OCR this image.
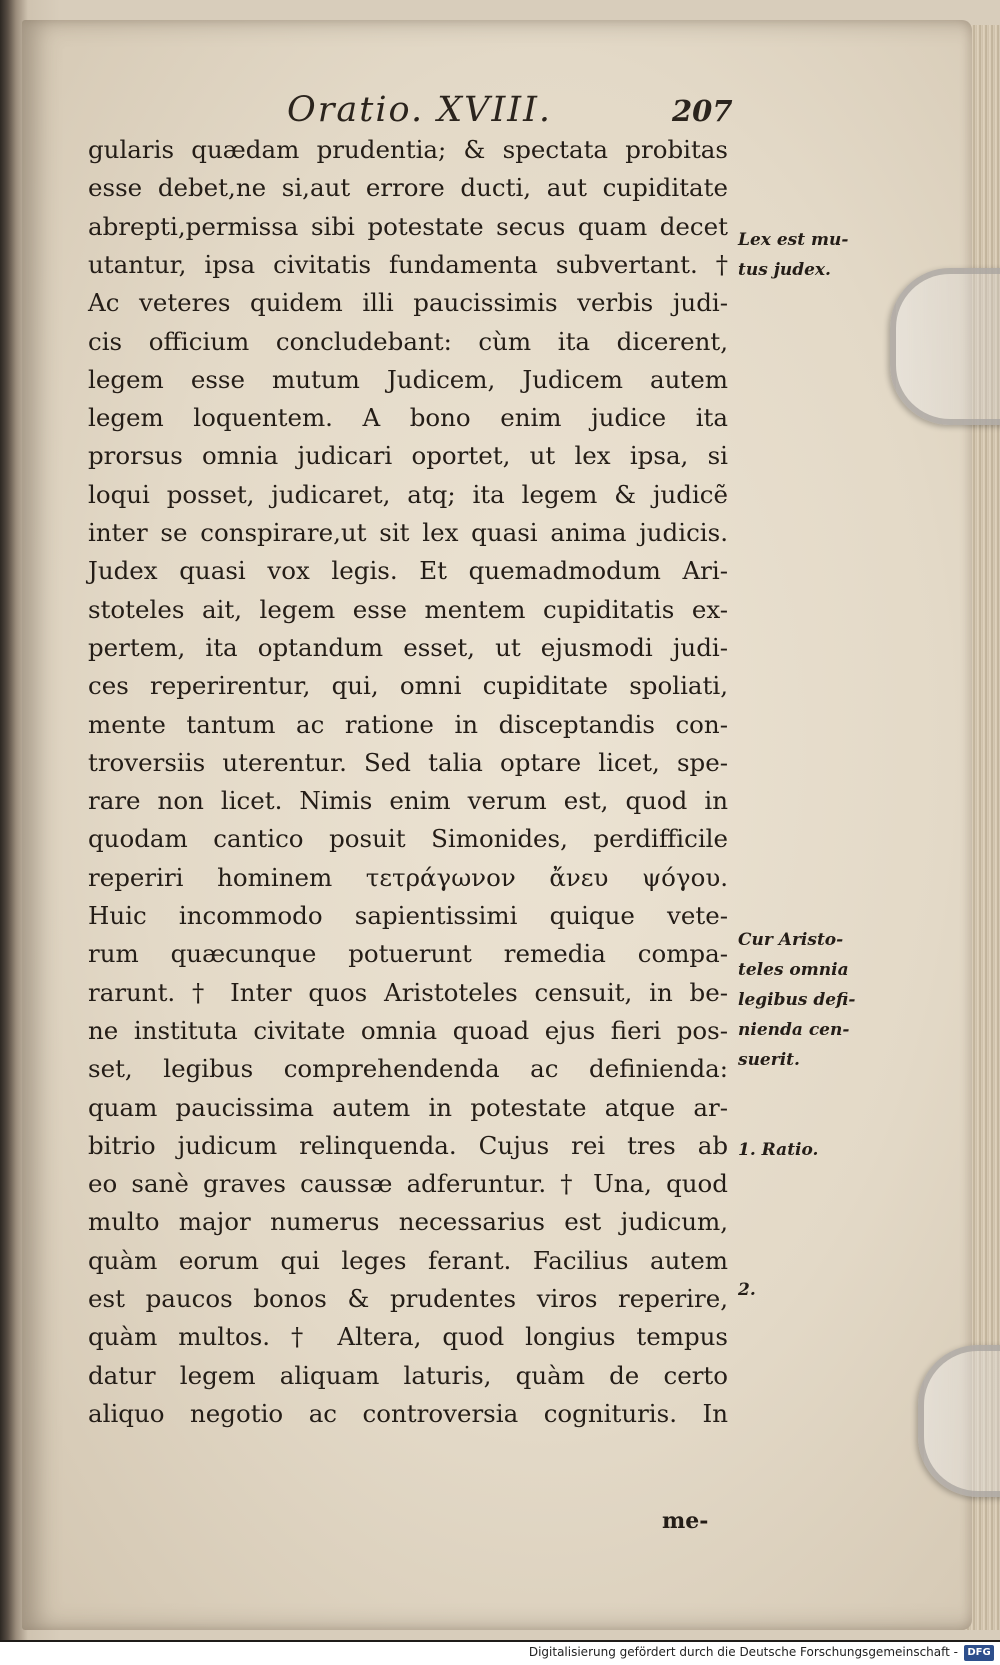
Oratio. XVIII.	207
gularis quædam prudentia; & spectata probitas
esse debet,ne si,aut errore ducti, aut cupiditate
abrepti,permissa sibi potestate secus quam decet
utantur, ipsa civitatis fundamenta subvertant. †
Ac veteres quidem illi paucissimis verbis judi-
cis officium concludebant: cùm ita dicerent,
legem esse mutum Judicem, Judicem autem
legem loquentem. A bono enim judice ita
prorsus omnia judicari oportet, ut lex ipsa, si
loqui posset, judicaret, atq; ita legem & judicẽ
inter se conspirare,ut sit lex quasi anima judicis.
Judex quasi vox legis. Et quemadmodum Ari-
stoteles ait, legem esse mentem cupiditatis ex-
pertem, ita optandum esset, ut ejusmodi judi-
ces reperirentur, qui, omni cupiditate spoliati,
mente tantum ac ratione in disceptandis con-
troversiis uterentur. Sed talia optare licet, spe-
rare non licet. Nimis enim verum est, quod in
quodam cantico posuit Simonides, perdifficile
reperiri hominem τετράγωνον ἄνευ ψόγου.
Huic incommodo sapientissimi quique vete-
rum quæcunque potuerunt remedia compa-
rarunt. † Inter quos Aristoteles censuit, in be-
ne instituta civitate omnia quoad ejus fieri pos-
set, legibus comprehendenda ac definienda:
quam paucissima autem in potestate atque ar-
bitrio judicum relinquenda. Cujus rei tres ab
eo sanè graves caussæ adferuntur. † Una, quod
multo major numerus necessarius est judicum,
quàm eorum qui leges ferant. Facilius autem
est paucos bonos & prudentes viros reperire,
quàm multos. † Altera, quod longius tempus
datur legem aliquam laturis, quàm de certo
aliquo negotio ac controversia cognituris. In
me-
Lex est mu-
tus judex.
Cur Aristo-
teles omnia
legibus defi-
nienda cen-
suerit.
1. Ratio.
2.
Digitalisierung gefördert durch die Deutsche Forschungsgemeinschaft - DFG
